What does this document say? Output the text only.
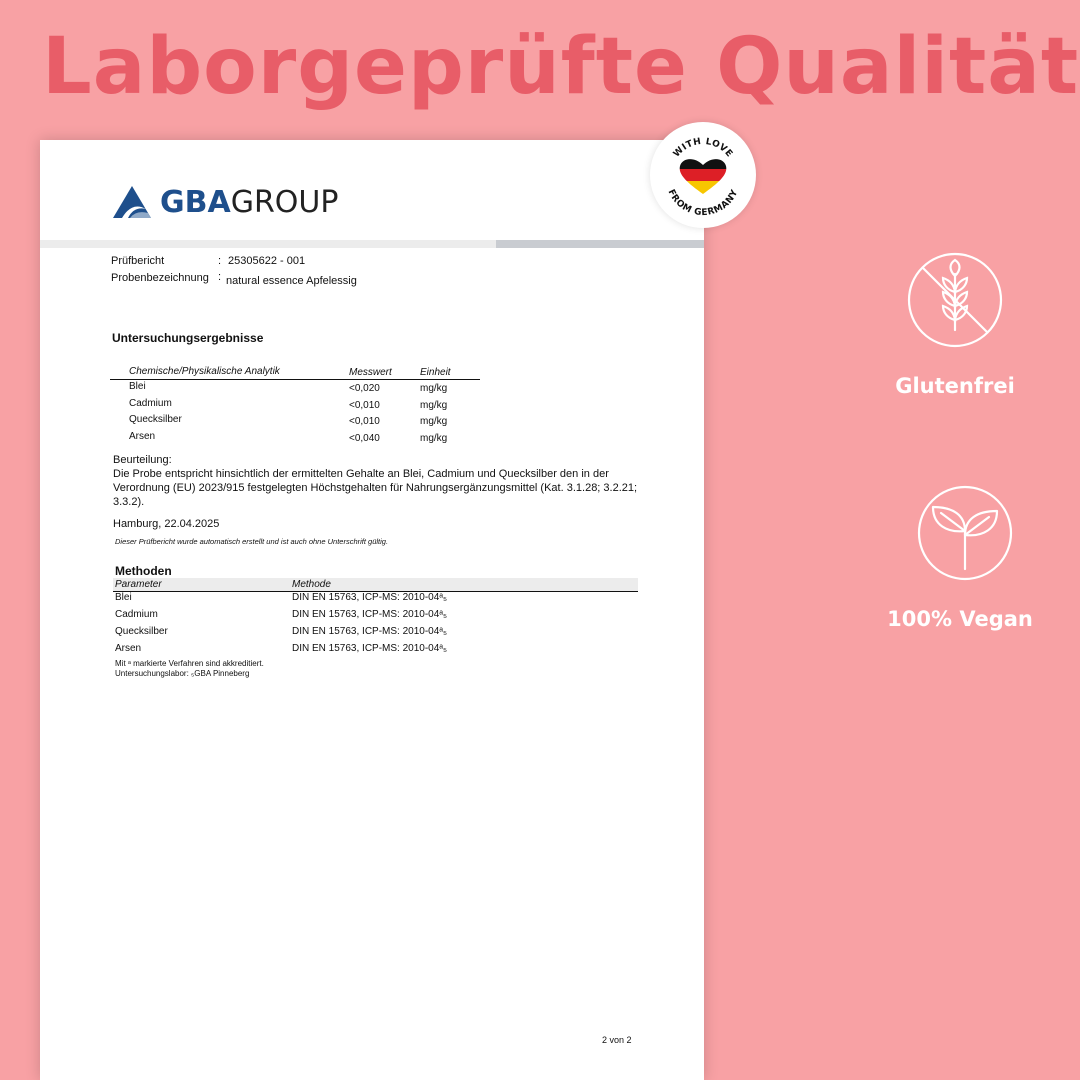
Laborgeprüfte Qualität
GBA GROUP
Prüfbericht	: 25305622 - 001
Probenbezeichnung : natural essence Apfelessig
Untersuchungsergebnisse
Chemische/Physikalische Analytik	Messwert	Einheit
Blei	<0,020	mg/kg
Cadmium	<0,010	mg/kg
Quecksilber	<0,010	mg/kg
Arsen	<0,040	mg/kg
Beurteilung:
Die Probe entspricht hinsichtlich der ermittelten Gehalte an Blei, Cadmium und Quecksilber den in der
Verordnung (EU) 2023/915 festgelegten Höchstgehalten für Nahrungsergänzungsmittel (Kat. 3.1.28; 3.2.21;
3.3.2).
Hamburg, 22.04.2025
Dieser Prüfbericht wurde automatisch erstellt und ist auch ohne Unterschrift gültig.
Methoden
Parameter	Methode
Blei	DIN EN 15763, ICP-MS: 2010-04ᵃ₅
Cadmium	DIN EN 15763, ICP-MS: 2010-04ᵃ₅
Quecksilber	DIN EN 15763, ICP-MS: 2010-04ᵃ₅
Arsen	DIN EN 15763, ICP-MS: 2010-04ᵃ₅
Mit ᵃ markierte Verfahren sind akkreditiert.
Untersuchungslabor: ₅GBA Pinneberg
2 von 2
WITH LOVE
FROM GERMANY
Glutenfrei
100% Vegan
